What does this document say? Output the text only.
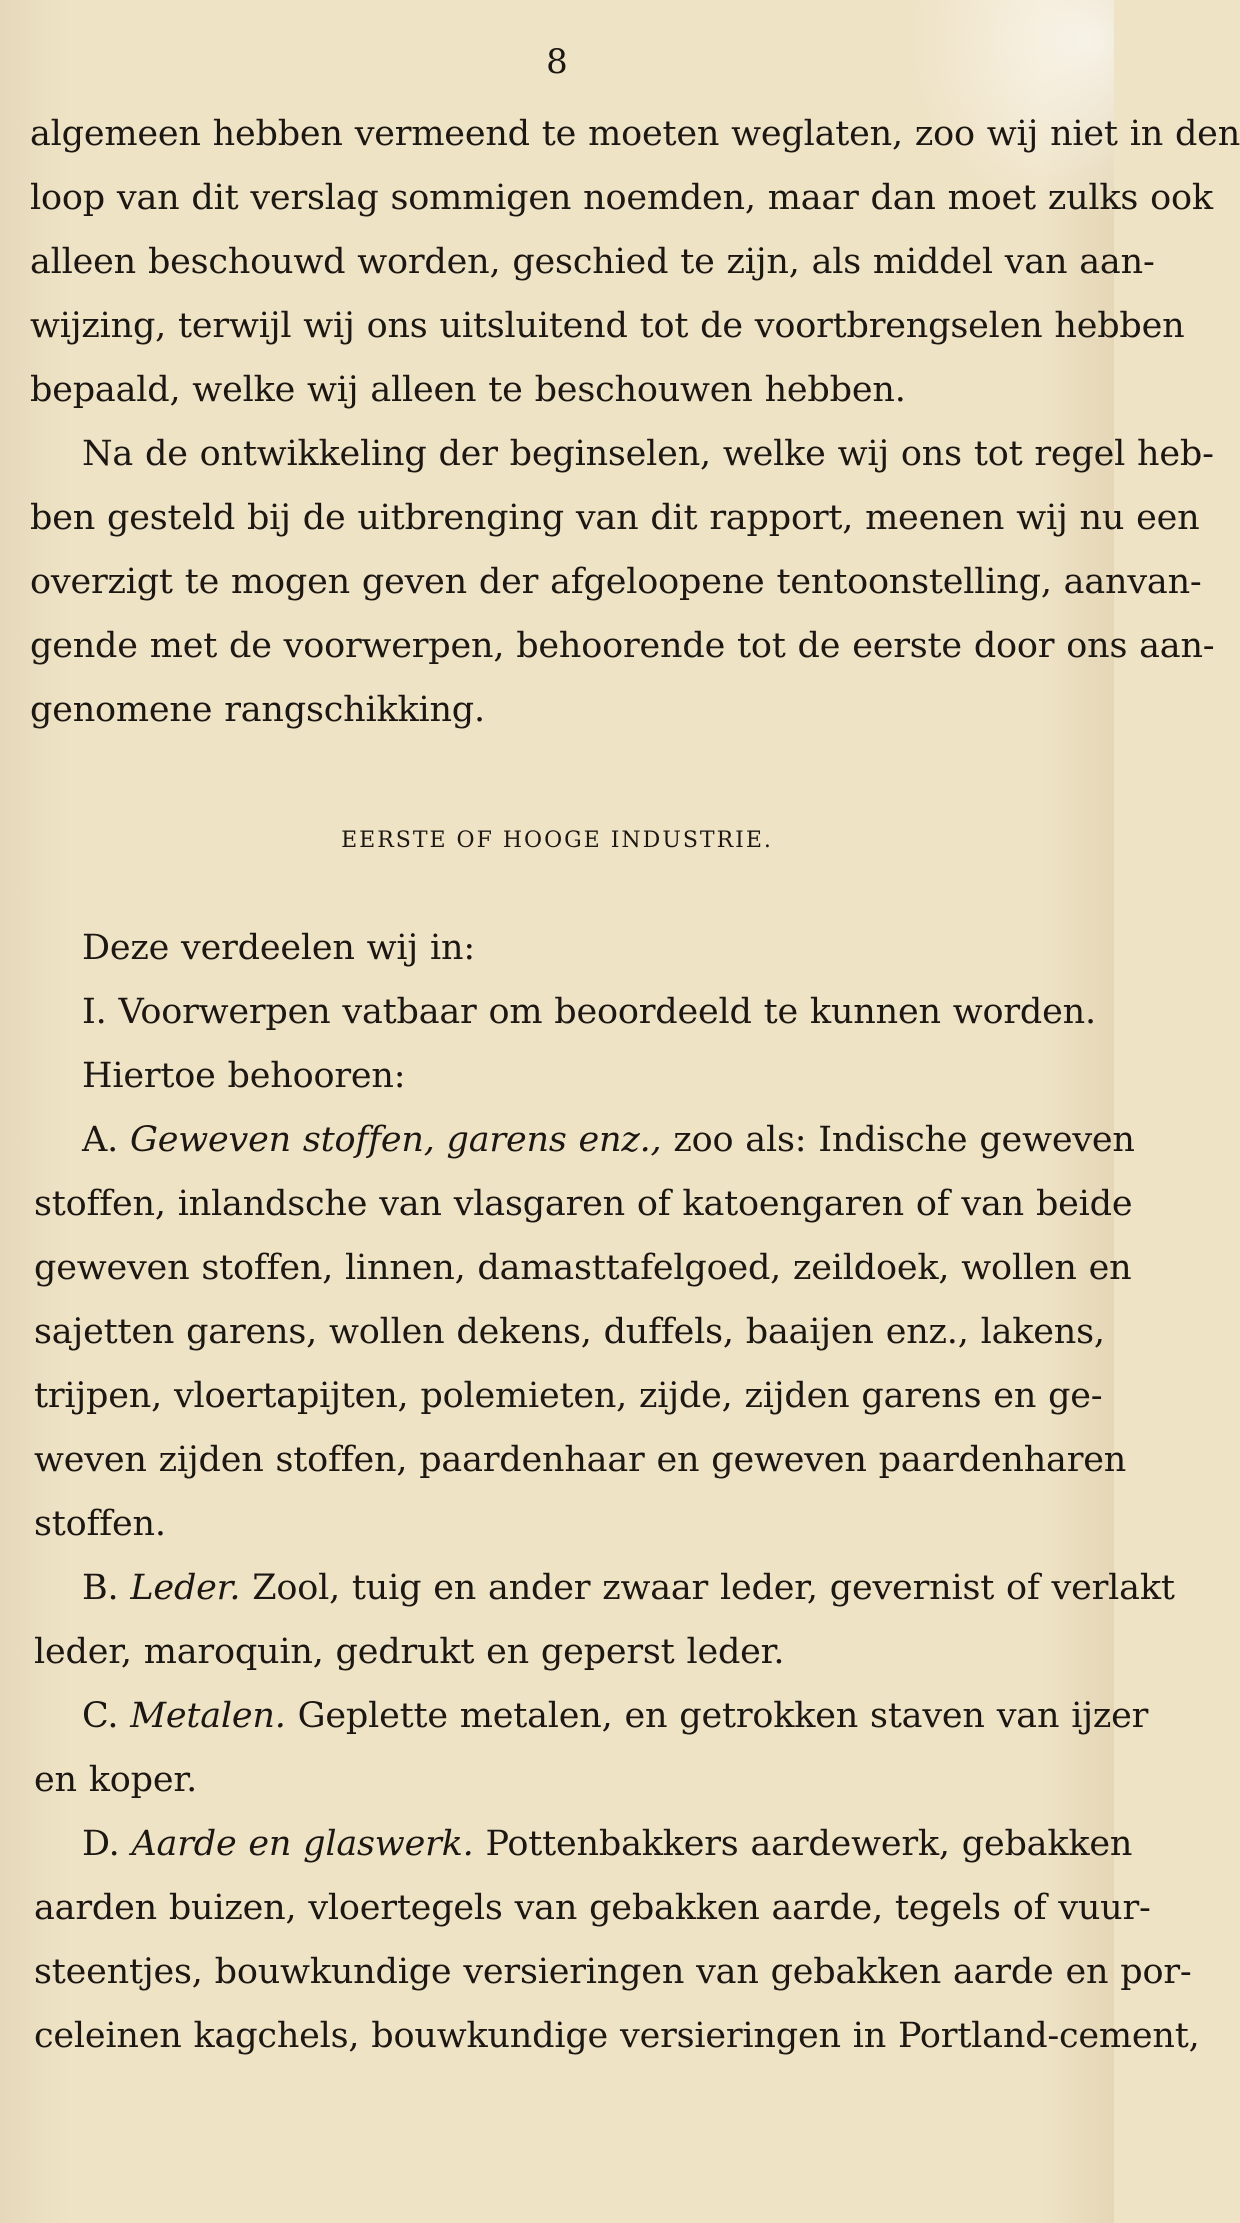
8
algemeen hebben vermeend te moeten weglaten, zoo wij niet in den
loop van dit verslag sommigen noemden, maar dan moet zulks ook
alleen beschouwd worden, geschied te zijn, als middel van aan-
wijzing, terwijl wij ons uitsluitend tot de voortbrengselen hebben
bepaald, welke wij alleen te beschouwen hebben.
Na de ontwikkeling der beginselen, welke wij ons tot regel heb-
ben gesteld bij de uitbrenging van dit rapport, meenen wij nu een
overzigt te mogen geven der afgeloopene tentoonstelling, aanvan-
gende met de voorwerpen, behoorende tot de eerste door ons aan-
genomene rangschikking.
EERSTE OF HOOGE INDUSTRIE.
Deze verdeelen wij in:
I. Voorwerpen vatbaar om beoordeeld te kunnen worden.
Hiertoe behooren:
A. Geweven stoffen, garens enz., zoo als: Indische geweven
stoffen, inlandsche van vlasgaren of katoengaren of van beide
geweven stoffen, linnen, damasttafelgoed, zeildoek, wollen en
sajetten garens, wollen dekens, duffels, baaijen enz., lakens,
trijpen, vloertapijten, polemieten, zijde, zijden garens en ge-
weven zijden stoffen, paardenhaar en geweven paardenharen
stoffen.
B. Leder. Zool, tuig en ander zwaar leder, gevernist of verlakt
leder, maroquin, gedrukt en geperst leder.
C. Metalen. Geplette metalen, en getrokken staven van ijzer
en koper.
D. Aarde en glaswerk. Pottenbakkers aardewerk, gebakken
aarden buizen, vloertegels van gebakken aarde, tegels of vuur-
steentjes, bouwkundige versieringen van gebakken aarde en por-
celeinen kagchels, bouwkundige versieringen in Portland-cement,
